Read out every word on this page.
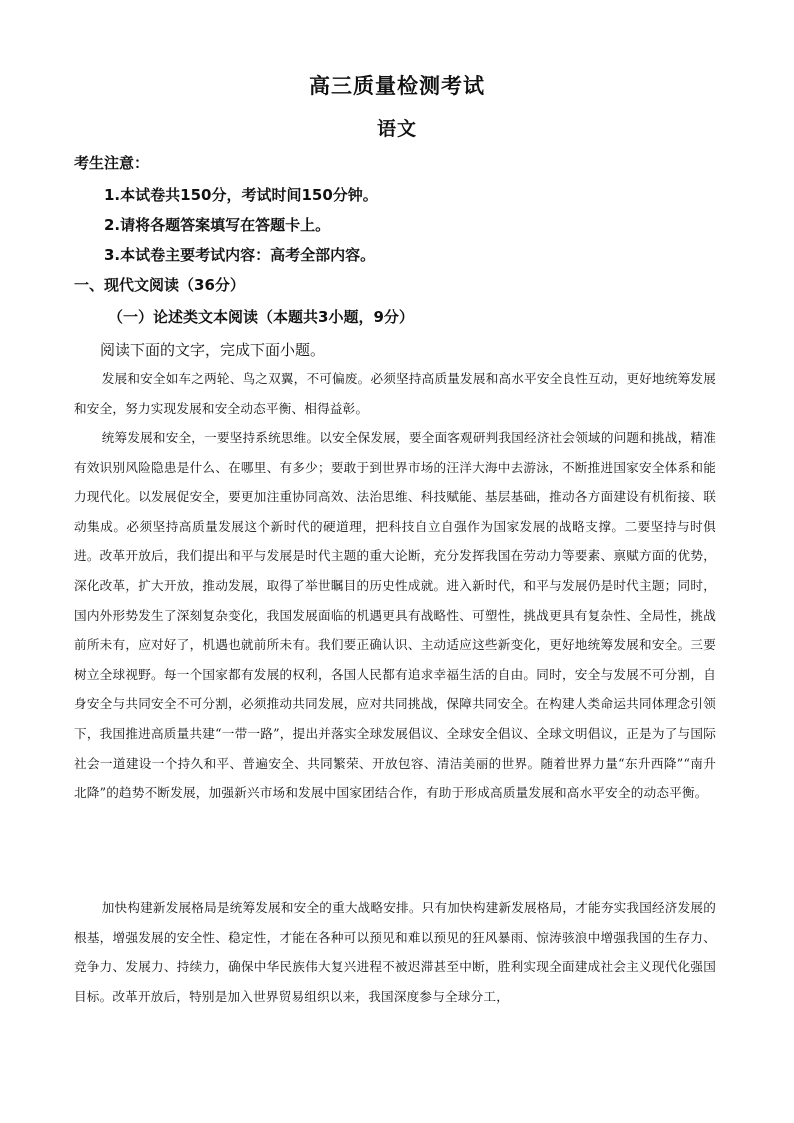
高三质量检测考试
语文
考生注意：
1.本试卷共150分，考试时间150分钟。
2.请将各题答案填写在答题卡上。
3.本试卷主要考试内容：高考全部内容。
一、现代文阅读（36分）
（一）论述类文本阅读（本题共3小题，9分）
阅读下面的文字，完成下面小题。
发展和安全如车之两轮、鸟之双翼，不可偏废。必须坚持高质量发展和高水平安全良性互动，更好地统筹发展和安全，努力实现发展和安全动态平衡、相得益彰。
统筹发展和安全，一要坚持系统思维。以安全保发展，要全面客观研判我国经济社会领域的问题和挑战，精准有效识别风险隐患是什么、在哪里、有多少；要敢于到世界市场的汪洋大海中去游泳，不断推进国家安全体系和能力现代化。以发展促安全，要更加注重协同高效、法治思维、科技赋能、基层基础，推动各方面建设有机衔接、联动集成。必须坚持高质量发展这个新时代的硬道理，把科技自立自强作为国家发展的战略支撑。二要坚持与时俱进。改革开放后，我们提出和平与发展是时代主题的重大论断，充分发挥我国在劳动力等要素、禀赋方面的优势，深化改革，扩大开放，推动发展，取得了举世瞩目的历史性成就。进入新时代，和平与发展仍是时代主题；同时，国内外形势发生了深刻复杂变化，我国发展面临的机遇更具有战略性、可塑性，挑战更具有复杂性、全局性，挑战前所未有，应对好了，机遇也就前所未有。我们要正确认识、主动适应这些新变化，更好地统筹发展和安全。三要树立全球视野。每一个国家都有发展的权利，各国人民都有追求幸福生活的自由。同时，安全与发展不可分割，自身安全与共同安全不可分割，必须推动共同发展，应对共同挑战，保障共同安全。在构建人类命运共同体理念引领下，我国推进高质量共建“一带一路”，提出并落实全球发展倡议、全球安全倡议、全球文明倡议，正是为了与国际社会一道建设一个持久和平、普遍安全、共同繁荣、开放包容、清洁美丽的世界。随着世界力量“东升西降”“南升北降”的趋势不断发展，加强新兴市场和发展中国家团结合作，有助于形成高质量发展和高水平安全的动态平衡。
加快构建新发展格局是统筹发展和安全的重大战略安排。只有加快构建新发展格局，才能夯实我国经济发展的根基，增强发展的安全性、稳定性，才能在各种可以预见和难以预见的狂风暴雨、惊涛骇浪中增强我国的生存力、竞争力、发展力、持续力，确保中华民族伟大复兴进程不被迟滞甚至中断，胜利实现全面建成社会主义现代化强国目标。改革开放后，特别是加入世界贸易组织以来，我国深度参与全球分工，
